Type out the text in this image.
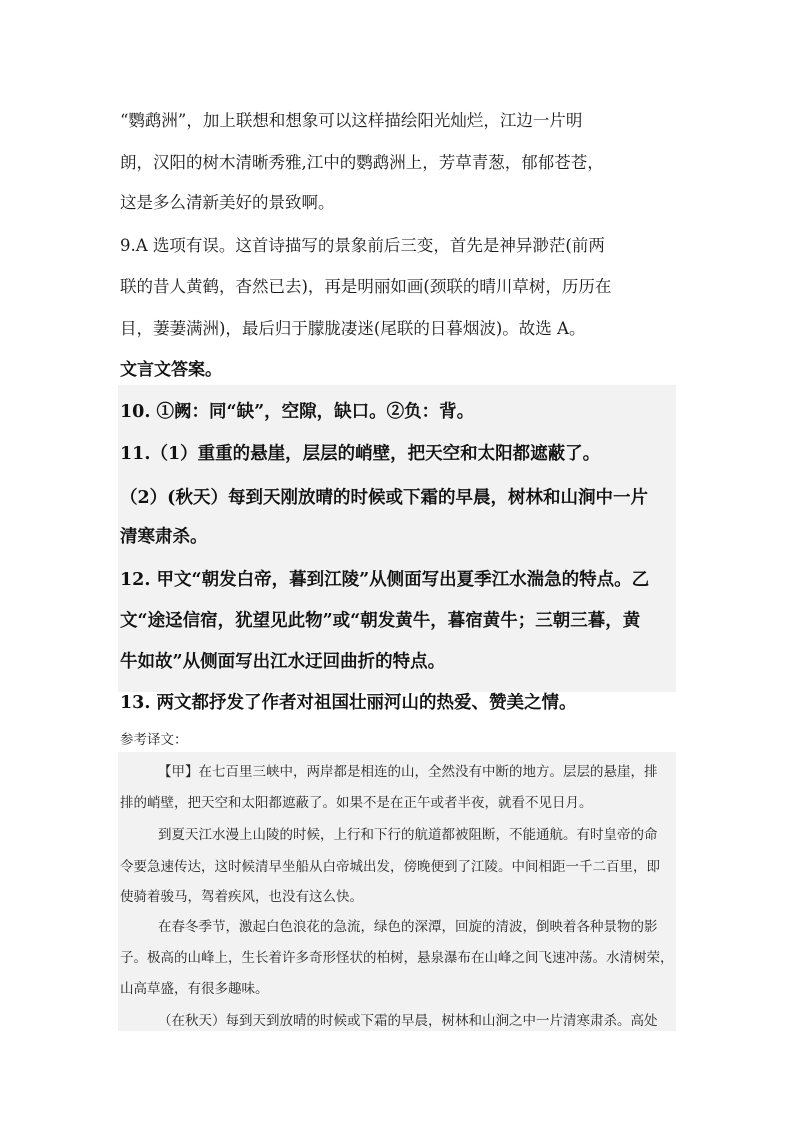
“鹦鹉洲”，加上联想和想象可以这样描绘阳光灿烂，江边一片明
朗，汉阳的树木清晰秀雅,江中的鹦鹉洲上，芳草青葱，郁郁苍苍，
这是多么清新美好的景致啊。
9.A 选项有误。这首诗描写的景象前后三变，首先是神异渺茫(前两
联的昔人黄鹤，杳然已去)，再是明丽如画(颈联的晴川草树，历历在
目，萋萋满洲)，最后归于朦胧凄迷(尾联的日暮烟波)。故选 A。
文言文答案。
10. ①阙：同“缺”，空隙，缺口。②负：背。
11.（1）重重的悬崖，层层的峭壁，把天空和太阳都遮蔽了。
（2）(秋天）每到天刚放晴的时候或下霜的早晨，树林和山涧中一片
清寒肃杀。
12. 甲文“朝发白帝，暮到江陵”从侧面写出夏季江水湍急的特点。乙
文“途迳信宿，犹望见此物”或“朝发黄牛，暮宿黄牛；三朝三暮，黄
牛如故”从侧面写出江水迂回曲折的特点。
13. 两文都抒发了作者对祖国壮丽河山的热爱、赞美之情。
参考译文：
【甲】在七百里三峡中，两岸都是相连的山，全然没有中断的地方。层层的悬崖，排
排的峭壁，把天空和太阳都遮蔽了。如果不是在正午或者半夜，就看不见日月。
到夏天江水漫上山陵的时候，上行和下行的航道都被阻断，不能通航。有时皇帝的命
令要急速传达，这时候清早坐船从白帝城出发，傍晚便到了江陵。中间相距一千二百里，即
使骑着骏马，驾着疾风，也没有这么快。
在春冬季节，激起白色浪花的急流，绿色的深潭，回旋的清波，倒映着各种景物的影
子。极高的山峰上，生长着许多奇形怪状的柏树，悬泉瀑布在山峰之间飞速冲荡。水清树荣，
山高草盛，有很多趣味。
（在秋天）每到天到放晴的时候或下霜的早晨，树林和山涧之中一片清寒肃杀。高处
